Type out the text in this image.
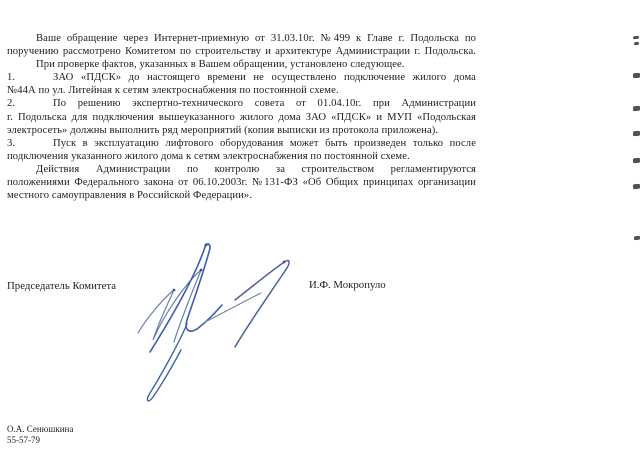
Ваше обращение через Интернет-приемную от 31.03.10г. №499 к Главе г. Подольска по
поручению рассмотрено Комитетом по строительству и архитектуре Администрации г. Подольска.
При проверке фактов, указанных в Вашем обращении, установлено следующее.
1.	ЗАО «ПДСК» до настоящего времени не осуществлено подключение жилого дома
№44А по ул. Литейная к сетям электроснабжения по постоянной схеме.
2.	По решению экспертно-технического совета от 01.04.10г. при Администрации
г. Подольска для подключения вышеуказанного жилого дома ЗАО «ПДСК» и МУП «Подольская
электросеть» должны выполнить ряд мероприятий (копия выписки из протокола приложена).
3.	Пуск в эксплуатацию лифтового оборудования может быть произведен только после
подключения указанного жилого дома к сетям электроснабжения по постоянной схеме.
Действия Администрации по контролю за строительством регламентируются
положениями Федерального закона от 06.10.2003г. №131-ФЗ «Об Общих принципах организации
местного самоуправления в Российской Федерации».
Председатель Комитета	И.Ф. Мокропуло
О.А. Сенюшкина
55-57-79
